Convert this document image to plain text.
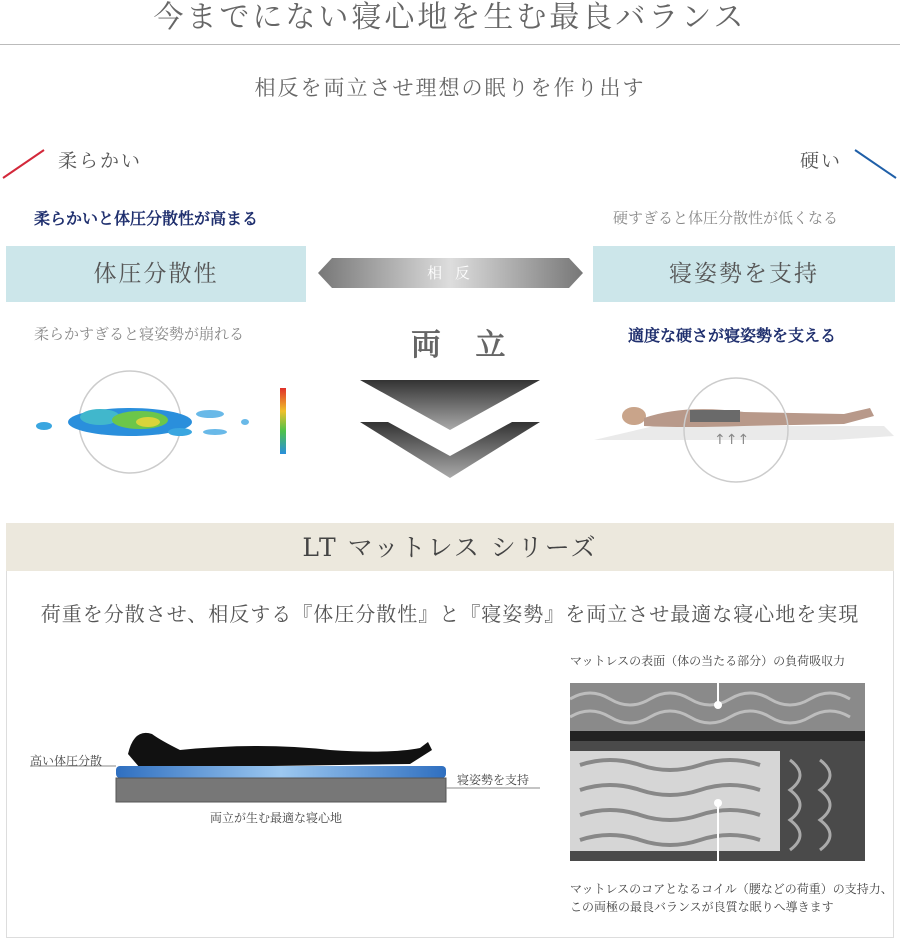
今までにない寝心地を生む最良バランス
相反を両立させ理想の眠りを作り出す
柔らかい	硬い
柔らかいと体圧分散性が高まる
体圧分散性
柔らかすぎると寝姿勢が崩れる
相 反
両 立
硬すぎると体圧分散性が低くなる
寝姿勢を支持
適度な硬さが寝姿勢を支える
↑↑↑
LT マットレス シリーズ
荷重を分散させ、相反する『体圧分散性』と『寝姿勢』を両立させ最適な寝心地を実現
高い体圧分散
寝姿勢を支持
両立が生む最適な寝心地
マットレスの表面（体の当たる部分）の負荷吸収力
マットレスのコアとなるコイル（腰などの荷重）の支持力、
この両極の最良バランスが良質な眠りへ導きます
